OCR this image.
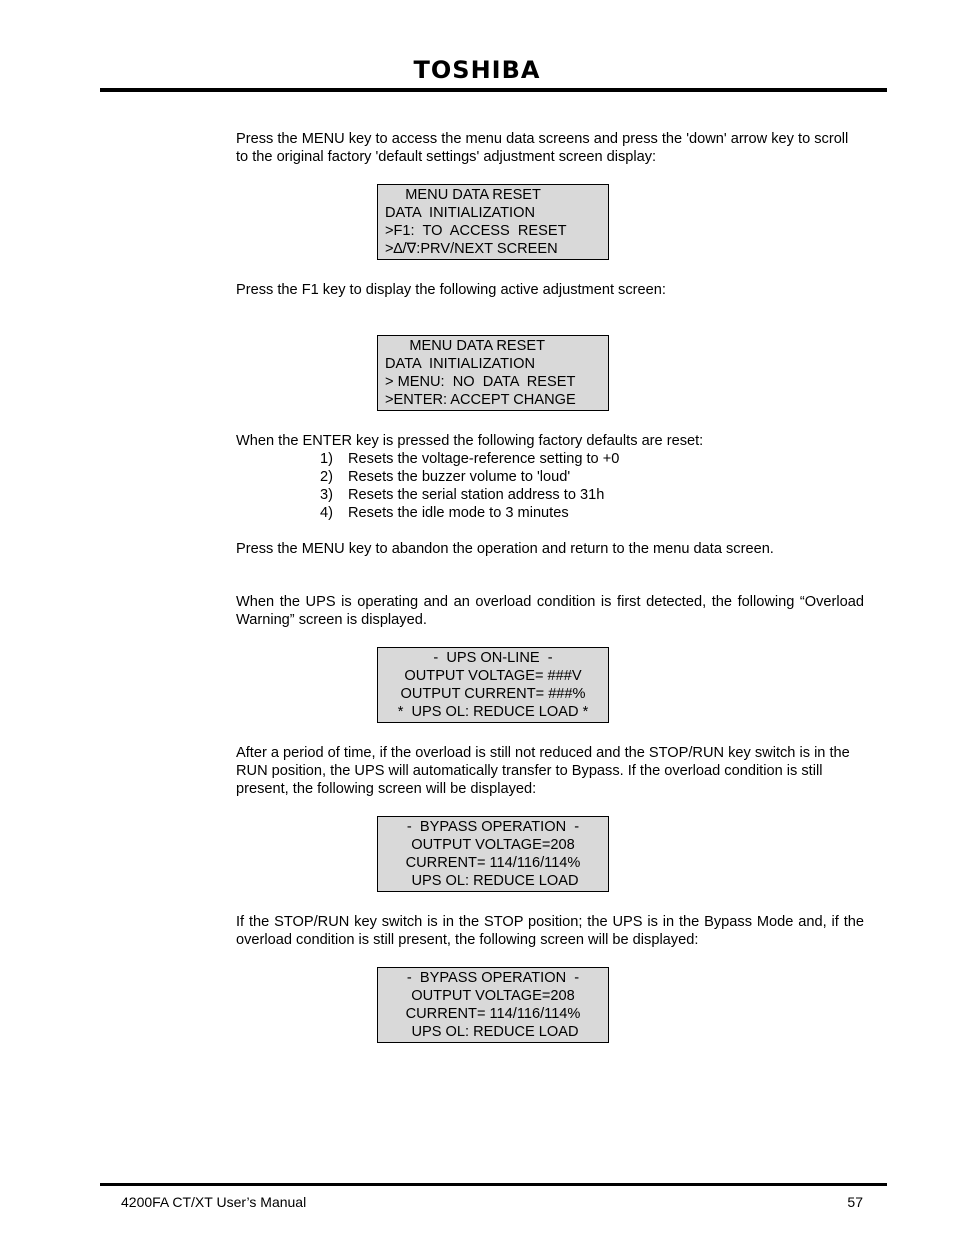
TOSHIBA

Press the MENU key to access the menu data screens and press the 'down' arrow key to scroll to the original factory 'default settings' adjustment screen display:

MENU DATA RESET
DATA  INITIALIZATION
>F1:  TO  ACCESS  RESET
>∆/∇:PRV/NEXT SCREEN

Press the F1 key to display the following active adjustment screen:

MENU DATA RESET
DATA  INITIALIZATION
> MENU:  NO  DATA  RESET
>ENTER: ACCEPT CHANGE

When the ENTER key is pressed the following factory defaults are reset:

1) Resets the voltage-reference setting to +0
2) Resets the buzzer volume to 'loud'
3) Resets the serial station address to 31h
4) Resets the idle mode to 3 minutes

Press the MENU key to abandon the operation and return to the menu data screen.

When the UPS is operating and an overload condition is first detected, the following “Overload Warning” screen is displayed.

-  UPS ON-LINE  -
OUTPUT VOLTAGE= ###V
OUTPUT CURRENT= ###%
*  UPS OL: REDUCE LOAD *

After a period of time, if the overload is still not reduced and the STOP/RUN key switch is in the RUN position, the UPS will automatically transfer to Bypass. If the overload condition is still present, the following screen will be displayed:

-  BYPASS OPERATION  -
OUTPUT VOLTAGE=208
CURRENT= 114/116/114%
UPS OL: REDUCE LOAD

If the STOP/RUN key switch is in the STOP position; the UPS is in the Bypass Mode and, if the overload condition is still present, the following screen will be displayed:

-  BYPASS OPERATION  -
OUTPUT VOLTAGE=208
CURRENT= 114/116/114%
UPS OL: REDUCE LOAD
4200FA CT/XT User’s Manual	57
